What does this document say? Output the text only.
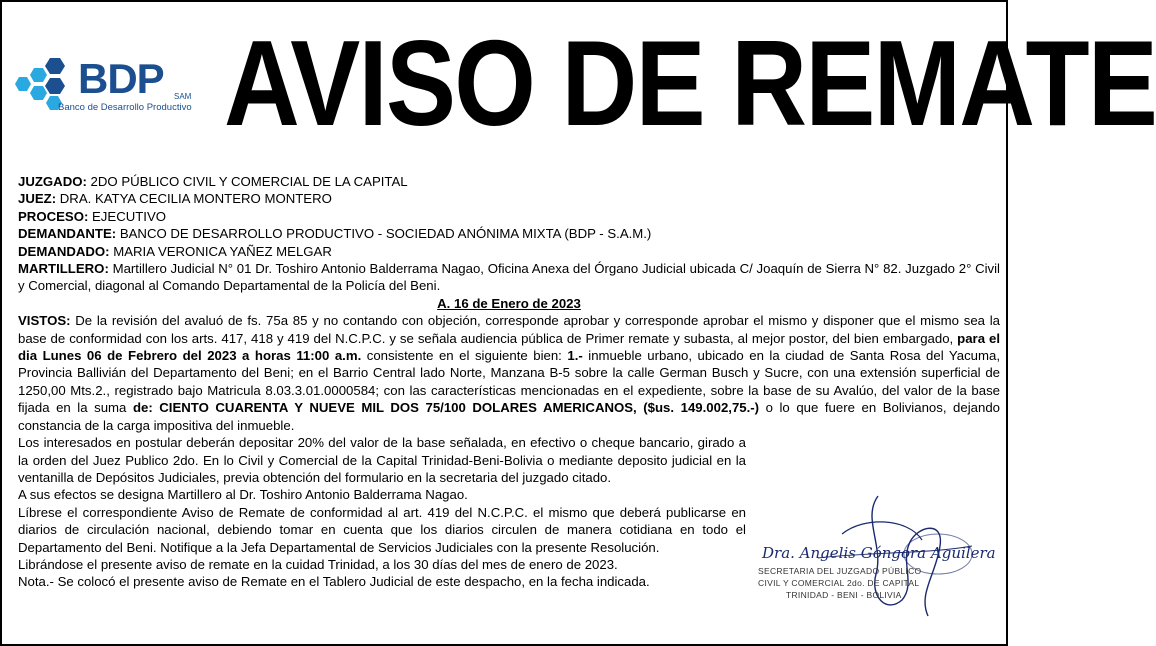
BDP SAM
Banco de Desarrollo Productivo AVISO DE REMATE

JUZGADO: 2DO PÚBLICO CIVIL Y COMERCIAL DE LA CAPITAL

JUEZ: DRA. KATYA CECILIA MONTERO MONTERO

PROCESO: EJECUTIVO

DEMANDANTE: BANCO DE DESARROLLO PRODUCTIVO - SOCIEDAD ANÓNIMA MIXTA (BDP - S.A.M.)

DEMANDADO: MARIA VERONICA YAÑEZ MELGAR

MARTILLERO: Martillero Judicial N° 01 Dr. Toshiro Antonio Balderrama Nagao, Oficina Anexa del Órgano Judicial ubicada C/ Joaquín de Sierra N° 82. Juzgado 2° Civil y Comercial, diagonal al Comando Departamental de la Policía del Beni.

A. 16 de Enero de 2023

VISTOS: De la revisión del avaluó de fs. 75a 85 y no contando con objeción, corresponde aprobar y corresponde aprobar el mismo y disponer que el mismo sea la base de conformidad con los arts. 417, 418 y 419 del N.C.P.C. y se señala audiencia pública de Primer remate y subasta, al mejor postor, del bien embargado, para el dia Lunes 06 de Febrero del 2023 a horas 11:00 a.m. consistente en el siguiente bien: 1.- inmueble urbano, ubicado en la ciudad de Santa Rosa del Yacuma, Provincia Ballivián del Departamento del Beni; en el Barrio Central lado Norte, Manzana B-5 sobre la calle German Busch y Sucre, con una extensión superficial de 1250,00 Mts.2., registrado bajo Matricula 8.03.3.01.0000584; con las características mencionadas en el expediente, sobre la base de su Avalúo, del valor de la base fijada en la suma de: CIENTO CUARENTA Y NUEVE MIL DOS 75/100 DOLARES AMERICANOS, ($us. 149.002,75.-) o lo que fuere en Bolivianos, dejando constancia de la carga impositiva del inmueble.

Los interesados en postular deberán depositar 20% del valor de la base señalada, en efectivo o cheque bancario, girado a la orden del Juez Publico 2do. En lo Civil y Comercial de la Capital Trinidad-Beni-Bolivia o mediante deposito judicial en la ventanilla de Depósitos Judiciales, previa obtención del formulario en la secretaria del juzgado citado.

A sus efectos se designa Martillero al Dr. Toshiro Antonio Balderrama Nagao.

Líbrese el correspondiente Aviso de Remate de conformidad al art. 419 del N.C.P.C. el mismo que deberá publicarse en diarios de circulación nacional, debiendo tomar en cuenta que los diarios circulen de manera cotidiana en todo el Departamento del Beni. Notifique a la Jefa Departamental de Servicios Judiciales con la presente Resolución.

Librándose el presente aviso de remate en la cuidad Trinidad, a los 30 días del mes de enero de 2023.

Nota.- Se colocó el presente aviso de Remate en el Tablero Judicial de este despacho, en la fecha indicada.

Dra. Angelis Góngora Aguilera
SECRETARIA DEL JUZGADO PÚBLICO
CIVIL Y COMERCIAL 2do. DE CAPITAL
TRINIDAD - BENI - BOLIVIA
